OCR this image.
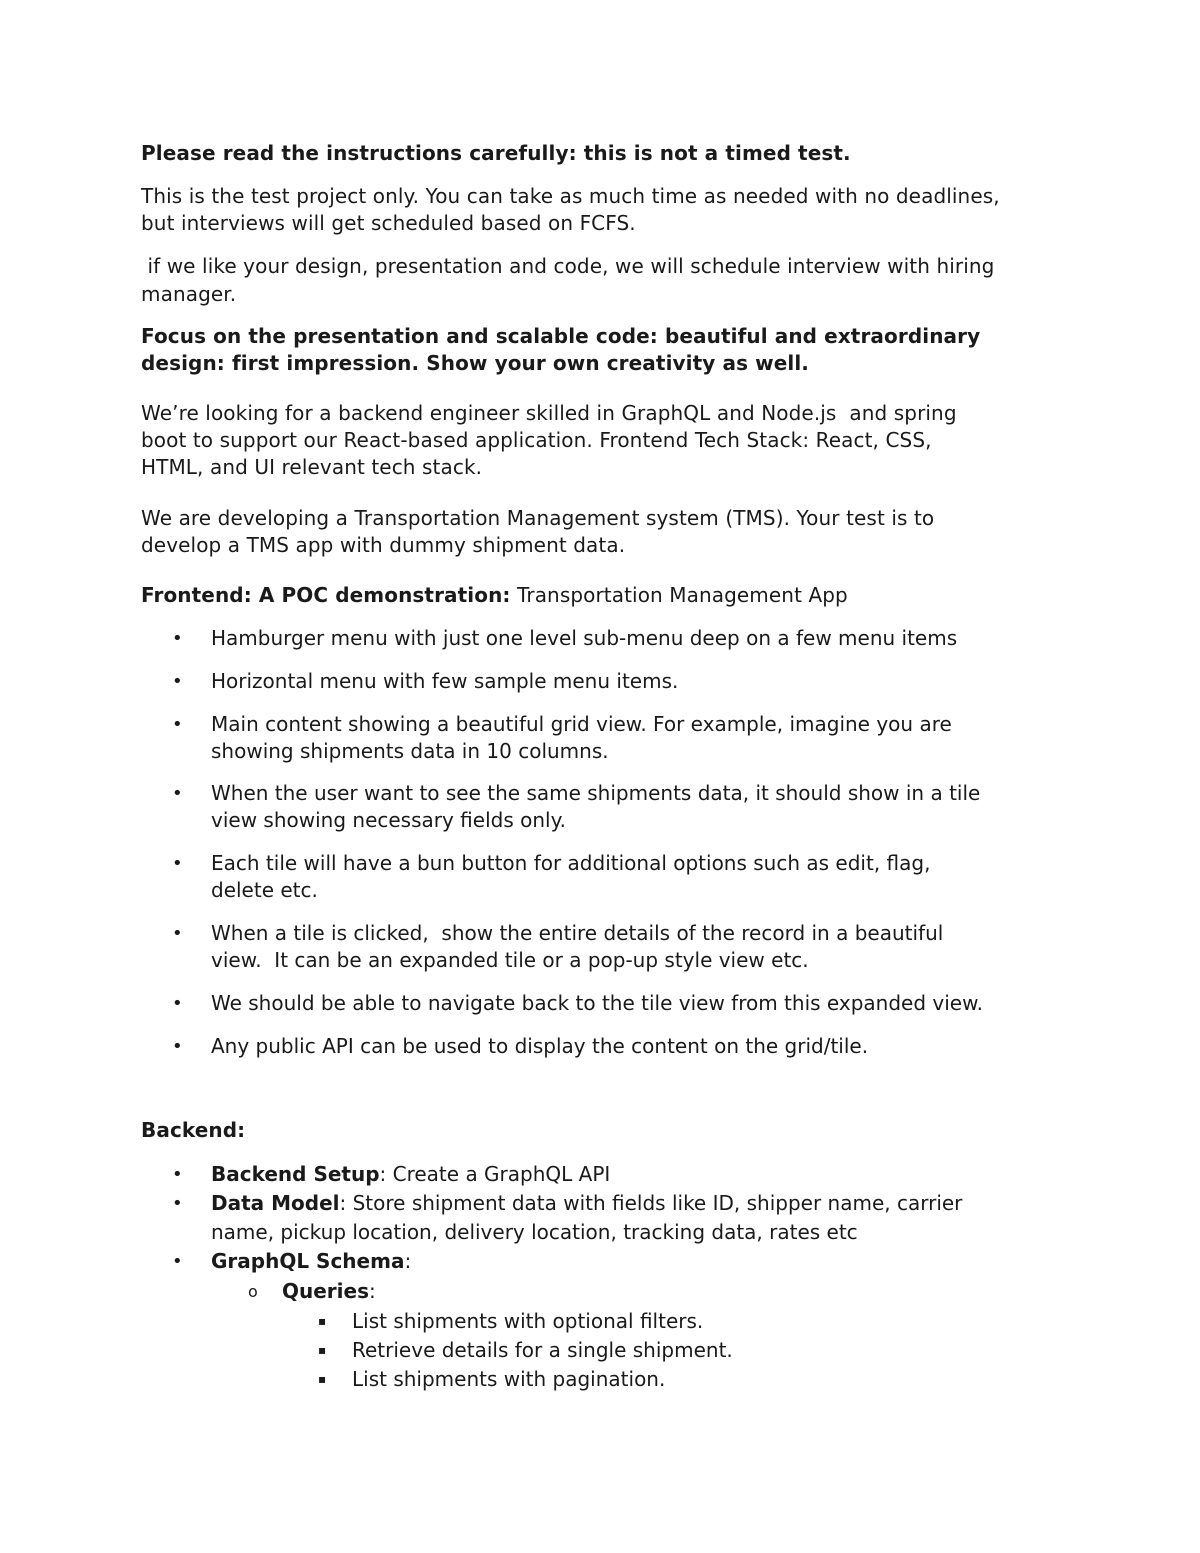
Please read the instructions carefully: this is not a timed test.
This is the test project only. You can take as much time as needed with no deadlines,
but interviews will get scheduled based on FCFS.
if we like your design, presentation and code, we will schedule interview with hiring
manager.
Focus on the presentation and scalable code: beautiful and extraordinary
design: first impression. Show your own creativity as well.
We’re looking for a backend engineer skilled in GraphQL and Node.js  and spring
boot to support our React-based application. Frontend Tech Stack: React, CSS,
HTML, and UI relevant tech stack.
We are developing a Transportation Management system (TMS). Your test is to
develop a TMS app with dummy shipment data.
Frontend: A POC demonstration: Transportation Management App
• Hamburger menu with just one level sub-menu deep on a few menu items
• Horizontal menu with few sample menu items.
• Main content showing a beautiful grid view. For example, imagine you are
showing shipments data in 10 columns.
• When the user want to see the same shipments data, it should show in a tile
view showing necessary fields only.
• Each tile will have a bun button for additional options such as edit, flag,
delete etc.
• When a tile is clicked,  show the entire details of the record in a beautiful
view.  It can be an expanded tile or a pop-up style view etc.
• We should be able to navigate back to the tile view from this expanded view.
• Any public API can be used to display the content on the grid/tile.
Backend:
• Backend Setup: Create a GraphQL API
• Data Model: Store shipment data with fields like ID, shipper name, carrier
name, pickup location, delivery location, tracking data, rates etc
• GraphQL Schema:
o Queries:
▪ List shipments with optional filters.
▪ Retrieve details for a single shipment.
▪ List shipments with pagination.
